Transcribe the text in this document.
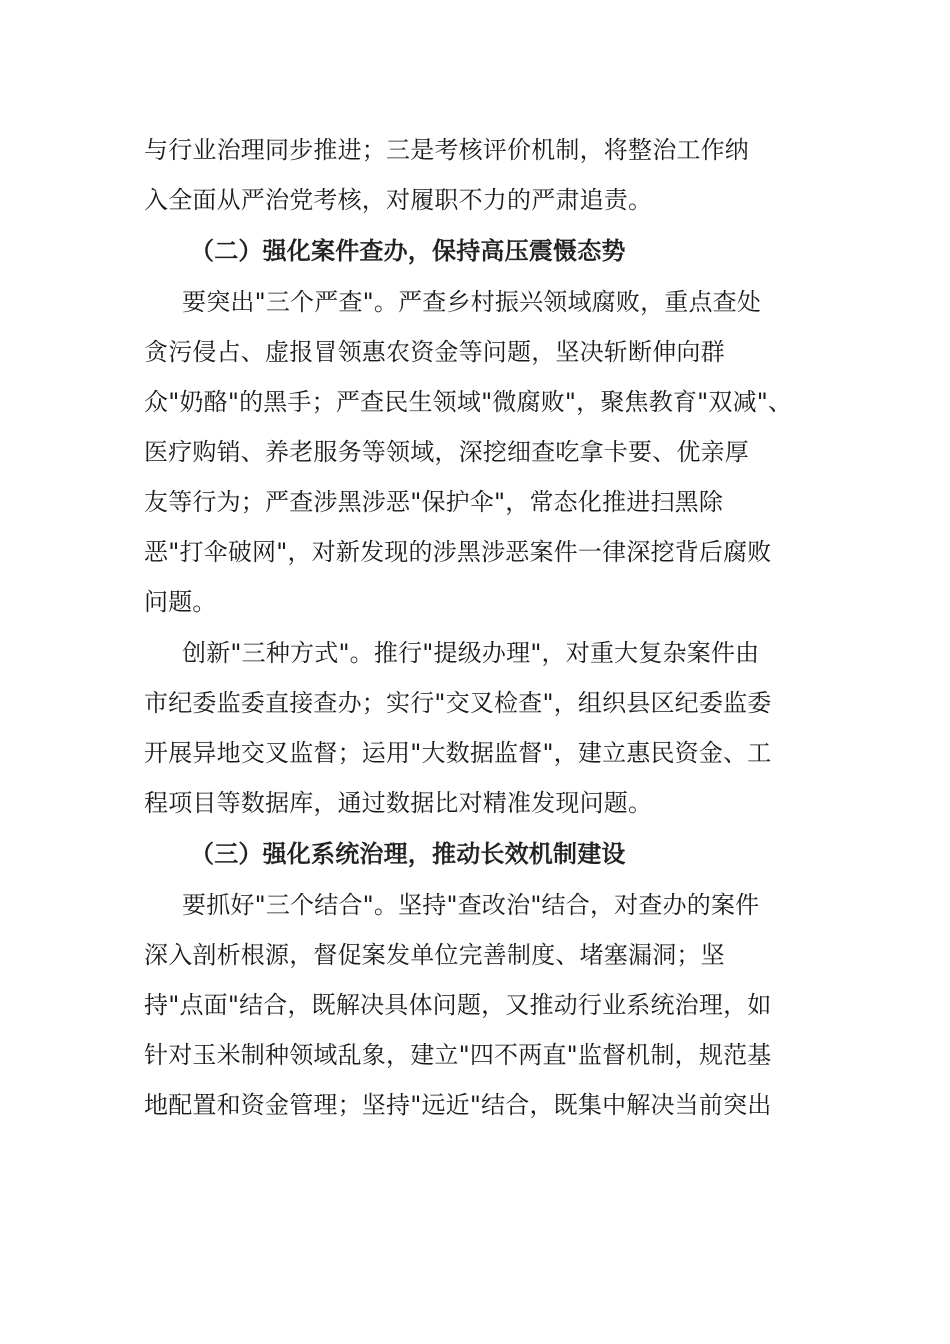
与行业治理同步推进；三是考核评价机制，将整治工作纳
入全面从严治党考核，对履职不力的严肃追责。
（二）强化案件查办，保持高压震慑态势
要突出"三个严查"。严查乡村振兴领域腐败，重点查处
贪污侵占、虚报冒领惠农资金等问题，坚决斩断伸向群
众"奶酪"的黑手；严查民生领域"微腐败"，聚焦教育"双减"、
医疗购销、养老服务等领域，深挖细查吃拿卡要、优亲厚
友等行为；严查涉黑涉恶"保护伞"，常态化推进扫黑除
恶"打伞破网"，对新发现的涉黑涉恶案件一律深挖背后腐败
问题。
创新"三种方式"。推行"提级办理"，对重大复杂案件由
市纪委监委直接查办；实行"交叉检查"，组织县区纪委监委
开展异地交叉监督；运用"大数据监督"，建立惠民资金、工
程项目等数据库，通过数据比对精准发现问题。
（三）强化系统治理，推动长效机制建设
要抓好"三个结合"。坚持"查改治"结合，对查办的案件
深入剖析根源，督促案发单位完善制度、堵塞漏洞；坚
持"点面"结合，既解决具体问题，又推动行业系统治理，如
针对玉米制种领域乱象，建立"四不两直"监督机制，规范基
地配置和资金管理；坚持"远近"结合，既集中解决当前突出
